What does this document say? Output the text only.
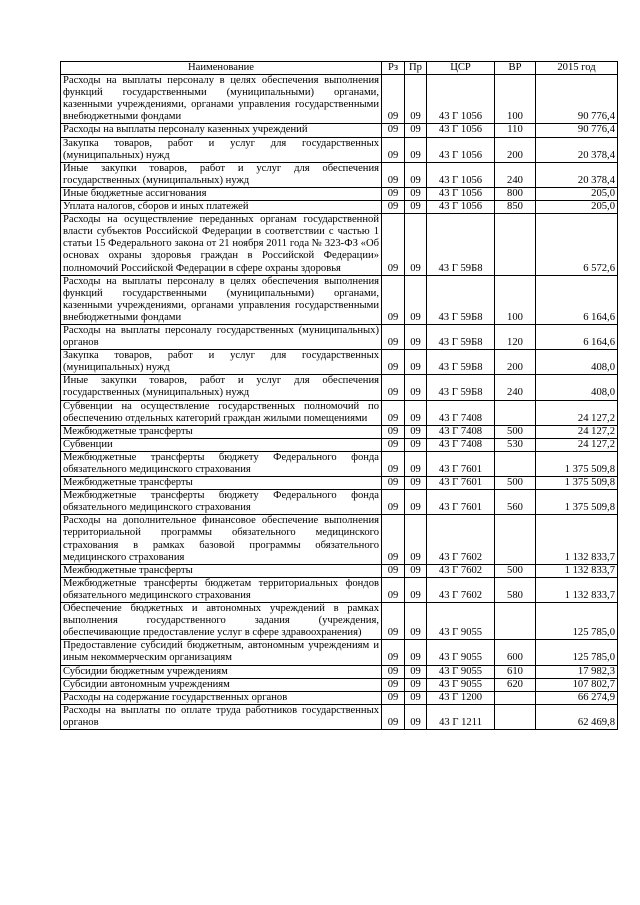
Наименование	Рз	Пр	ЦСР	ВР	2015 год
Расходы на выплаты персоналу в целях обеспечения выполнения функций государственными (муниципальными) органами, казенными учреждениями, органами управления государственными внебюджетными фондами	09	09	43 Г 1056	100	90 776,4
Расходы на выплаты персоналу казенных учреждений	09	09	43 Г 1056	110	90 776,4
Закупка товаров, работ и услуг для государственных (муниципальных) нужд	09	09	43 Г 1056	200	20 378,4
Иные закупки товаров, работ и услуг для обеспечения государственных (муниципальных) нужд	09	09	43 Г 1056	240	20 378,4
Иные бюджетные ассигнования	09	09	43 Г 1056	800	205,0
Уплата налогов, сборов и иных платежей	09	09	43 Г 1056	850	205,0
Расходы на осуществление переданных органам государственной власти субъектов Российской Федерации в соответствии с частью 1 статьи 15 Федерального закона от 21 ноября 2011 года № 323-ФЗ «Об основах охраны здоровья граждан в Российской Федерации» полномочий Российской Федерации в сфере охраны здоровья	09	09	43 Г 59Б8		6 572,6
Расходы на выплаты персоналу в целях обеспечения выполнения функций государственными (муниципальными) органами, казенными учреждениями, органами управления государственными внебюджетными фондами	09	09	43 Г 59Б8	100	6 164,6
Расходы на выплаты персоналу государственных (муниципальных) органов	09	09	43 Г 59Б8	120	6 164,6
Закупка товаров, работ и услуг для государственных (муниципальных) нужд	09	09	43 Г 59Б8	200	408,0
Иные закупки товаров, работ и услуг для обеспечения государственных (муниципальных) нужд	09	09	43 Г 59Б8	240	408,0
Субвенции на осуществление государственных полномочий по обеспечению отдельных категорий граждан жилыми помещениями	09	09	43 Г 7408		24 127,2
Межбюджетные трансферты	09	09	43 Г 7408	500	24 127,2
Субвенции	09	09	43 Г 7408	530	24 127,2
Межбюджетные трансферты бюджету Федерального фонда обязательного медицинского страхования	09	09	43 Г 7601		1 375 509,8
Межбюджетные трансферты	09	09	43 Г 7601	500	1 375 509,8
Межбюджетные трансферты бюджету Федерального фонда обязательного медицинского страхования	09	09	43 Г 7601	560	1 375 509,8
Расходы на дополнительное финансовое обеспечение выполнения территориальной программы обязательного медицинского страхования в рамках базовой программы обязательного медицинского страхования	09	09	43 Г 7602		1 132 833,7
Межбюджетные трансферты	09	09	43 Г 7602	500	1 132 833,7
Межбюджетные трансферты бюджетам территориальных фондов обязательного медицинского страхования	09	09	43 Г 7602	580	1 132 833,7
Обеспечение бюджетных и автономных учреждений в рамках выполнения государственного задания (учреждения, обеспечивающие предоставление услуг в сфере здравоохранения)	09	09	43 Г 9055		125 785,0
Предоставление субсидий бюджетным, автономным учреждениям и иным некоммерческим организациям	09	09	43 Г 9055	600	125 785,0
Субсидии бюджетным учреждениям	09	09	43 Г 9055	610	17 982,3
Субсидии автономным учреждениям	09	09	43 Г 9055	620	107 802,7
Расходы на содержание государственных органов	09	09	43 Г 1200		66 274,9
Расходы на выплаты по оплате труда работников государственных органов	09	09	43 Г 1211		62 469,8
